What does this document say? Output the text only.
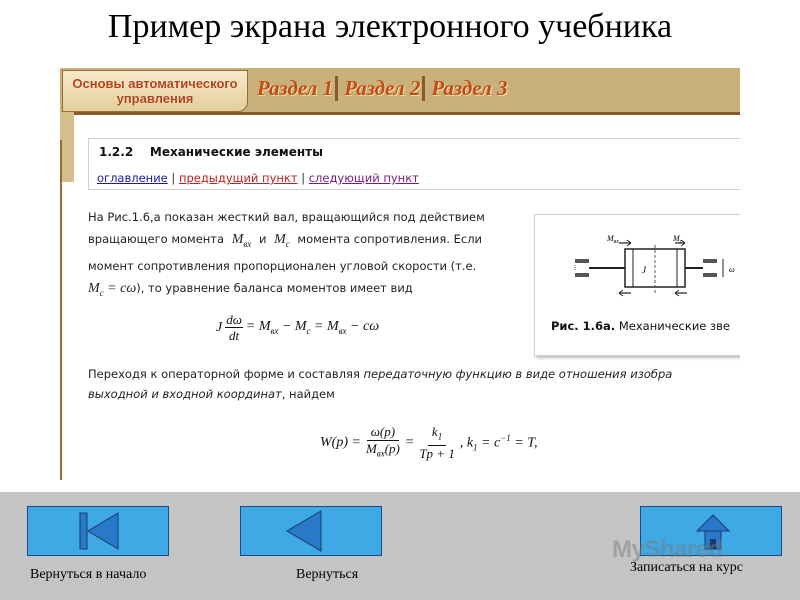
Пример экрана электронного учебника
Основы автоматического
управления	Раздел 1 Раздел 2 Раздел 3
1.2.2    Механические элементы
оглавление | предыдущий пункт | следующий пункт
На Рис.1.6,а показан жесткий вал, вращающийся под действием
вращающего момента $M_{вх}$ и $M_c$ момента сопротивления. Если
момент сопротивления пропорционален угловой скорости (т.е.
$M_c = c\omega$), то уравнение баланса моментов имеет вид
J $\frac{d\omega}{dt} = M_{вх} - M_c = M_{вх} - c\omega$
J
$M_{вх}$	$M_c$
ω
Рис. 1.6а. Механические зве
Переходя к операторной форме и составляя передаточную функцию в виде отношения изобра
выходной и входной координат, найдем
W(p) =
ω(p)
$M_{вх}(p) = \frac{k_1}{Tp + 1}$ , $k_1 = c^{-1} = T$,
Вернуться в начало	Вернуться	Записаться на курс
MyShared
